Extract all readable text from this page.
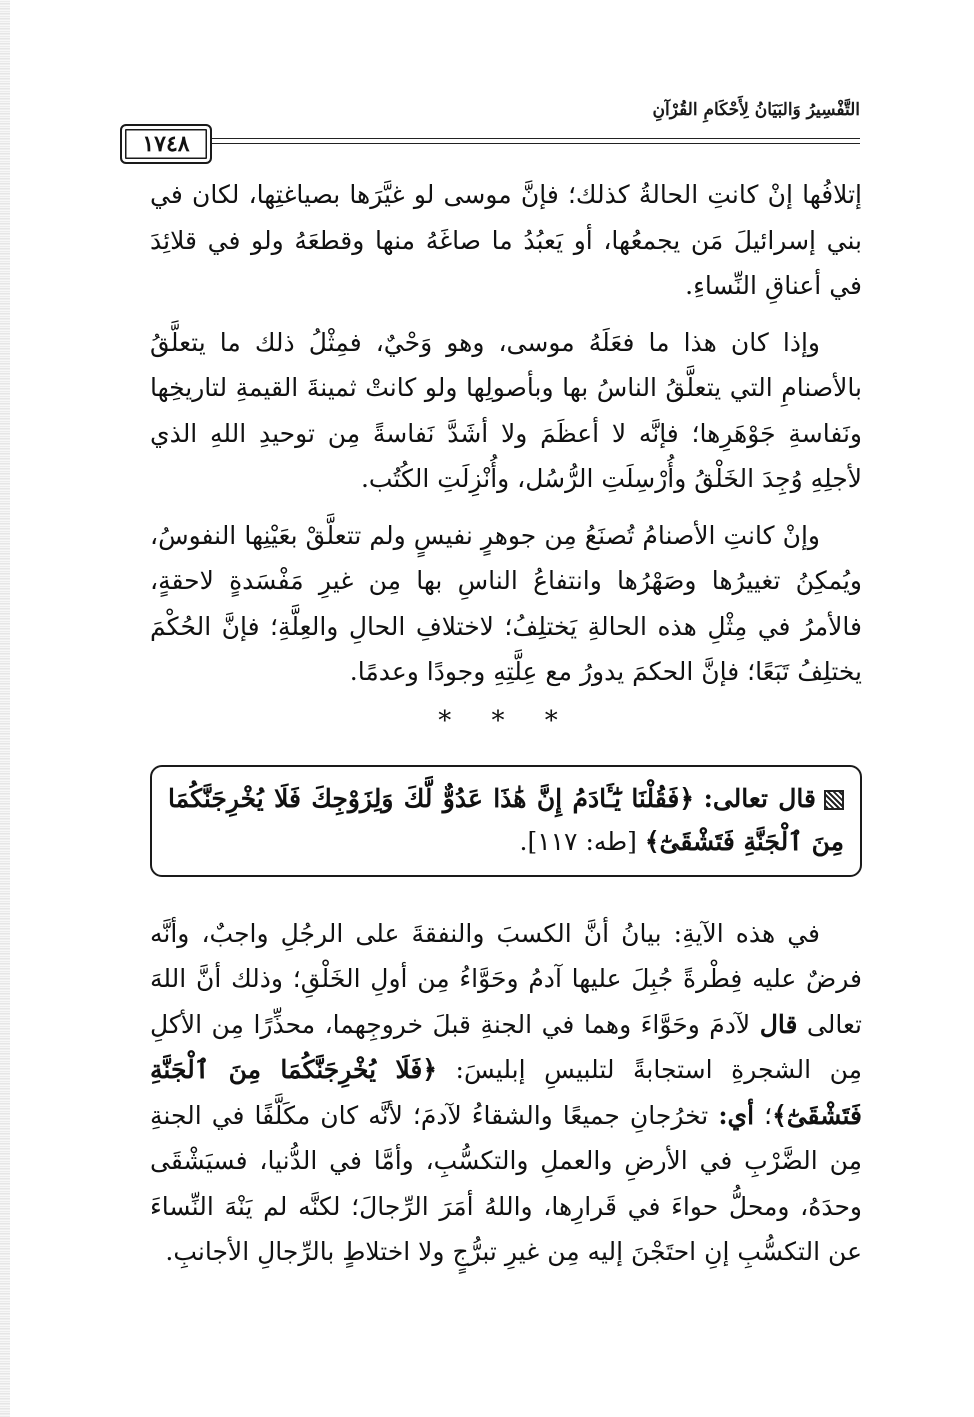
التَّفْسِيرُ وَالبَيَانُ لِأَحْكَامِ القُرْآنِ
١٧٤٨

إتلافُها إنْ كانتِ الحالةُ كذلك؛ فإنَّ موسى لو غيَّرَها بصياغتِها، لكان في بني إسرائيلَ مَن يجمعُها، أو يَعبُدُ ما صاغَهُ منها وقطعَهُ ولو في قلائِدَ في أعناقِ النِّساءِ.

وإذا كان هذا ما فعَلَهُ موسى، وهو وَحْيٌ، فمِثْلُ ذلك ما يتعلَّقُ بالأصنامِ التي يتعلَّقُ الناسُ بها وبأصولِها ولو كانتْ ثمينةَ القيمةِ لتاريخِها ونَفاسةِ جَوْهَرِها؛ فإنَّه لا أعظَمَ ولا أشَدَّ نَفاسةً مِن توحيدِ اللهِ الذي لأجلِهِ وُجِدَ الخَلْقُ وأُرْسِلَتِ الرُّسُل، وأُنْزِلَتِ الكُتُب.

وإنْ كانتِ الأصنامُ تُصنَعُ مِن جوهرٍ نفيسٍ ولم تتعلَّقْ بعَيْنِها النفوسُ، ويُمكِنُ تغييرُها وصَهْرُها وانتفاعُ الناسِ بها مِن غيرِ مَفْسَدةٍ لاحقةٍ، فالأمرُ في مِثْلِ هذه الحالةِ يَختلِفُ؛ لاختلافِ الحالِ والعِلَّةِ؛ فإنَّ الحُكْمَ يختلِفُ تَبَعًا؛ فإنَّ الحكمَ يدورُ مع عِلَّتِهِ وجودًا وعدمًا.

* * *
قال تعالى: ﴿فَقُلْنَا يَٰٓـَٔادَمُ إِنَّ هَٰذَا عَدُوٌّ لَّكَ وَلِزَوْجِكَ فَلَا يُخْرِجَنَّكُمَا مِنَ ٱلْجَنَّةِ فَتَشْقَىٰٓ﴾ [طه: ١١٧].

في هذه الآيةِ: بيانُ أنَّ الكسبَ والنفقةَ على الرجُلِ واجبٌ، وأنَّه فرضٌ عليه فِطْرةً جُبِلَ عليها آدمُ وحَوَّاءُ مِن أولِ الخَلْقِ؛ وذلك أنَّ اللهَ تعالى قال لآدمَ وحَوَّاءَ وهما في الجنةِ قبلَ خروجِهما، محذِّرًا مِن الأكلِ مِن الشجرةِ استجابةً لتلبيسِ إبليسَ: ﴿فَلَا يُخْرِجَنَّكُمَا مِنَ ٱلْجَنَّةِ فَتَشْقَىٰٓ﴾؛ أي: تخرُجانِ جميعًا والشقاءُ لآدمَ؛ لأنَّه كان مكَلَّفًا في الجنةِ مِن الضَّرْبِ في الأرضِ والعملِ والتكسُّبِ، وأمَّا في الدُّنيا، فسيَشْقَى وحدَهُ، ومحلُّ حواءَ في قَرارِها، واللهُ أمَرَ الرِّجالَ؛ لكنَّه لم يَنْهَ النِّساءَ عن التكسُّبِ إنِ احتَجْنَ إليه مِن غيرِ تبرُّجٍ ولا اختلاطٍ بالرِّجالِ الأجانبِ.
